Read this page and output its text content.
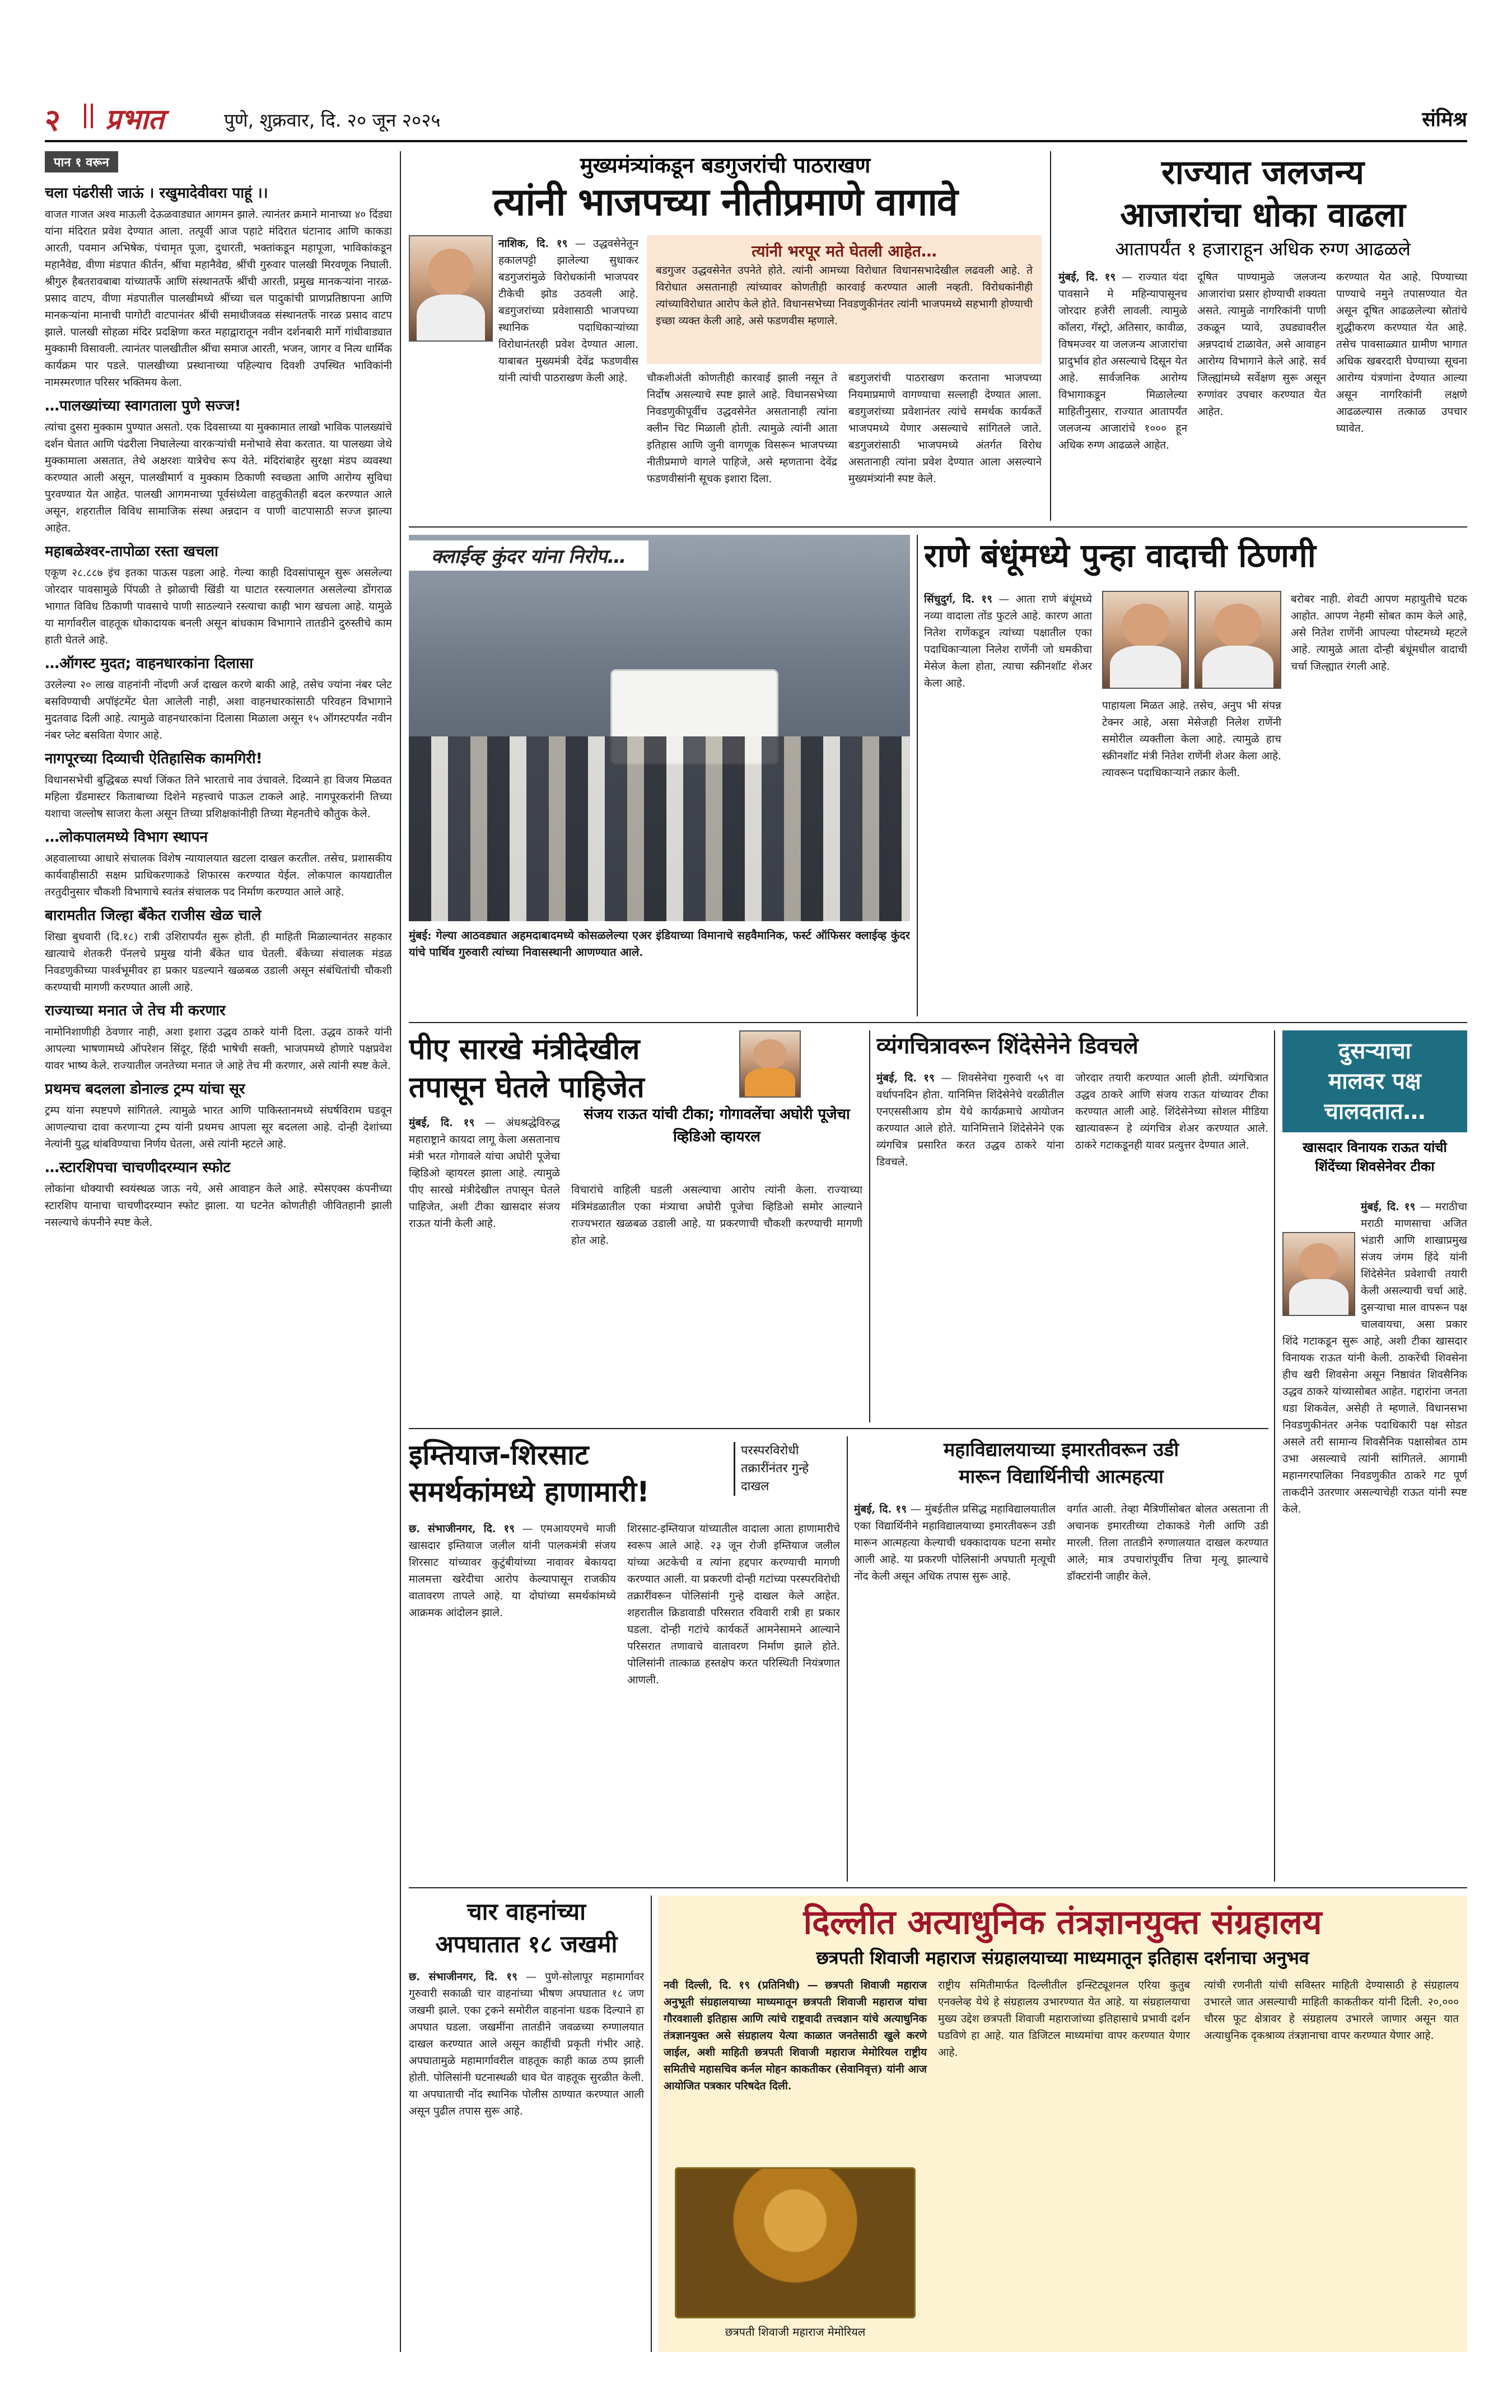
२ प्रभात	पुणे, शुक्रवार, दि. २० जून २०२५	संमिश्र
पान १ वरून
चला पंढरीसी जाऊं । रखुमादेवीवरा पाहूं ।।
वाजत गाजत अश्व माऊली देऊळवाड्यात आगमन झाले. त्यानंतर क्रमाने मानाच्या ४० दिंड्या यांना मंदिरात प्रवेश देण्यात आला. तत्पूर्वी आज पहाटे मंदिरात घंटानाद आणि काकडा आरती, पवमान अभिषेक, पंचामृत पूजा, दुधारती, भक्तांकडून महापूजा, भाविकांकडून महानैवेद्य, वीणा मंडपात कीर्तन, श्रींचा महानैवेद्य, श्रींची गुरुवार पालखी मिरवणूक निघाली. श्रीगुरु हैबतरावबाबा यांच्यातर्फे आणि संस्थानतर्फे श्रींची आरती, प्रमुख मानकऱ्यांना नारळ-प्रसाद वाटप, वीणा मंडपातील पालखीमध्ये श्रींच्या चल पादुकांची प्राणप्रतिष्ठापना आणि मानकऱ्यांना मानाची पागोटी वाटपानंतर श्रींची समाधीजवळ संस्थानतर्फे नारळ प्रसाद वाटप झाले. पालखी सोहळा मंदिर प्रदक्षिणा करत महाद्वारातून नवीन दर्शनबारी मार्गे गांधीवाड्यात मुक्कामी विसावली. त्यानंतर पालखीतील श्रींचा समाज आरती, भजन, जागर व नित्य धार्मिक कार्यक्रम पार पडले. पालखीच्या प्रस्थानाच्या पहिल्याच दिवशी उपस्थित भाविकांनी नामस्मरणात परिसर भक्तिमय केला.
…पालख्यांच्या स्वागताला पुणे सज्ज!
त्यांचा दुसरा मुक्काम पुण्यात असतो. एक दिवसाच्या या मुक्कामात लाखो भाविक पालख्यांचे दर्शन घेतात आणि पंढरीला निघालेल्या वारकऱ्यांची मनोभावे सेवा करतात. या पालख्या जेथे मुक्कामाला असतात, तेथे अक्षरशः यात्रेचेच रूप येते. मंदिरांबाहेर सुरक्षा मंडप व्यवस्था करण्यात आली असून, पालखीमार्ग व मुक्काम ठिकाणी स्वच्छता आणि आरोग्य सुविधा पुरवण्यात येत आहेत. पालखी आगमनाच्या पूर्वसंध्येला वाहतुकीतही बदल करण्यात आले असून, शहरातील विविध सामाजिक संस्था अन्नदान व पाणी वाटपासाठी सज्ज झाल्या आहेत.
महाबळेश्वर-तापोळा रस्ता खचला
एकूण २८.८८७ इंच इतका पाऊस पडला आहे. गेल्या काही दिवसांपासून सुरू असलेल्या जोरदार पावसामुळे पिंपळी ते झोळाची खिंडी या घाटात रस्त्यालगत असलेल्या डोंगराळ भागात विविध ठिकाणी पावसाचे पाणी साठल्याने रस्त्याचा काही भाग खचला आहे. यामुळे या मार्गावरील वाहतूक धोकादायक बनली असून बांधकाम विभागाने तातडीने दुरुस्तीचे काम हाती घेतले आहे.
…ऑगस्ट मुदत; वाहनधारकांना दिलासा
उरलेल्या २० लाख वाहनांनी नोंदणी अर्ज दाखल करणे बाकी आहे, तसेच ज्यांना नंबर प्लेट बसविण्याची अपॉइंटमेंट घेता आलेली नाही, अशा वाहनधारकांसाठी परिवहन विभागाने मुदतवाढ दिली आहे. त्यामुळे वाहनधारकांना दिलासा मिळाला असून १५ ऑगस्टपर्यंत नवीन नंबर प्लेट बसविता येणार आहे.
नागपूरच्या दिव्याची ऐतिहासिक कामगिरी!
विधानसभेची बुद्धिबळ स्पर्धा जिंकत तिने भारताचे नाव उंचावले. दिव्याने हा विजय मिळवत महिला ग्रँडमास्टर किताबाच्या दिशेने महत्त्वाचे पाऊल टाकले आहे. नागपूरकरांनी तिच्या यशाचा जल्लोष साजरा केला असून तिच्या प्रशिक्षकांनीही तिच्या मेहनतीचे कौतुक केले.
…लोकपालमध्ये विभाग स्थापन
अहवालाच्या आधारे संचालक विशेष न्यायालयात खटला दाखल करतील. तसेच, प्रशासकीय कार्यवाहीसाठी सक्षम प्राधिकरणाकडे शिफारस करण्यात येईल. लोकपाल कायद्यातील तरतुदीनुसार चौकशी विभागाचे स्वतंत्र संचालक पद निर्माण करण्यात आले आहे.
बारामतीत जिल्हा बँकेत राजीस खेळ चाले
शिखा बुधवारी (दि.१८) रात्री उशिरापर्यंत सुरू होती. ही माहिती मिळाल्यानंतर सहकार खात्याचे शेतकरी पॅनलचे प्रमुख यांनी बँकेत धाव घेतली. बँकेच्या संचालक मंडळ निवडणुकीच्या पार्श्वभूमीवर हा प्रकार घडल्याने खळबळ उडाली असून संबंधितांची चौकशी करण्याची मागणी करण्यात आली आहे.
राज्याच्या मनात जे तेच मी करणार
नामोनिशाणीही ठेवणार नाही, अशा इशारा उद्धव ठाकरे यांनी दिला. उद्धव ठाकरे यांनी आपल्या भाषणामध्ये ऑपरेशन सिंदूर, हिंदी भाषेची सक्ती, भाजपमध्ये होणारे पक्षप्रवेश यावर भाष्य केले. राज्यातील जनतेच्या मनात जे आहे तेच मी करणार, असे त्यांनी स्पष्ट केले.
प्रथमच बदलला डोनाल्ड ट्रम्प यांचा सूर
ट्रम्प यांना स्पष्टपणे सांगितले. त्यामुळे भारत आणि पाकिस्तानमध्ये संघर्षविराम घडवून आणल्याचा दावा करणाऱ्या ट्रम्प यांनी प्रथमच आपला सूर बदलला आहे. दोन्ही देशांच्या नेत्यांनी युद्ध थांबविण्याचा निर्णय घेतला, असे त्यांनी म्हटले आहे.
…स्टारशिपचा चाचणीदरम्यान स्फोट
लोकांना धोक्याची स्वयंस्थळ जाऊ नये, असे आवाहन केले आहे. स्पेसएक्स कंपनीच्या स्टारशिप यानाचा चाचणीदरम्यान स्फोट झाला. या घटनेत कोणतीही जीवितहानी झाली नसल्याचे कंपनीने स्पष्ट केले.
मुख्यमंत्र्यांकडून बडगुजरांची पाठराखण
त्यांनी भाजपच्या नीतीप्रमाणे वागावे
नाशिक, दि. १९ — उद्धवसेनेतून हकालपट्टी झालेल्या सुधाकर बडगुजरांमुळे विरोधकांनी भाजपवर टीकेची झोड उठवली आहे. बडगुजरांच्या प्रवेशासाठी भाजपच्या स्थानिक पदाधिकाऱ्यांच्या विरोधानंतरही प्रवेश देण्यात आला. याबाबत मुख्यमंत्री देवेंद्र फडणवीस यांनी त्यांची पाठराखण केली आहे.
त्यांनी भरपूर मते घेतली आहेत…
बडगुजर उद्धवसेनेत उपनेते होते. त्यांनी आमच्या विरोधात विधानसभादेखील लढवली आहे. ते विरोधात असतानाही त्यांच्यावर कोणतीही कारवाई करण्यात आली नव्हती. विरोधकांनीही त्यांच्याविरोधात आरोप केले होते. विधानसभेच्या निवडणुकीनंतर त्यांनी भाजपमध्ये सहभागी होण्याची इच्छा व्यक्त केली आहे, असे फडणवीस म्हणाले.
चौकशीअंती कोणतीही कारवाई झाली नसून ते निर्दोष असल्याचे स्पष्ट झाले आहे. विधानसभेच्या निवडणुकीपूर्वीच उद्धवसेनेत असतानाही त्यांना क्लीन चिट मिळाली होती. त्यामुळे त्यांनी आता इतिहास आणि जुनी वागणूक विसरून भाजपच्या नीतीप्रमाणे वागले पाहिजे, असे म्हणताना देवेंद्र फडणवीसांनी सूचक इशारा दिला.
बडगुजरांची पाठराखण करताना भाजपच्या नियमाप्रमाणे वागण्याचा सल्लाही देण्यात आला. बडगुजरांच्या प्रवेशानंतर त्यांचे समर्थक कार्यकर्ते भाजपमध्ये येणार असल्याचे सांगितले जाते. बडगुजरांसाठी भाजपमध्ये अंतर्गत विरोध असतानाही त्यांना प्रवेश देण्यात आला असल्याने मुख्यमंत्र्यांनी स्पष्ट केले.
राज्यात जलजन्य
आजारांचा धोका वाढला
आतापर्यंत १ हजाराहून अधिक रुग्ण आढळले
मुंबई, दि. १९ — राज्यात यंदा पावसाने मे महिन्यापासूनच जोरदार हजेरी लावली. त्यामुळे कॉलरा, गॅस्ट्रो, अतिसार, कावीळ, विषमज्वर या जलजन्य आजारांचा प्रादुर्भाव होत असल्याचे दिसून येत आहे. सार्वजनिक आरोग्य विभागाकडून मिळालेल्या माहितीनुसार, राज्यात आतापर्यंत जलजन्य आजारांचे १००० हून अधिक रुग्ण आढळले आहेत.
दूषित पाण्यामुळे जलजन्य आजारांचा प्रसार होण्याची शक्यता असते. त्यामुळे नागरिकांनी पाणी उकळून प्यावे, उघड्यावरील अन्नपदार्थ टाळावेत, असे आवाहन आरोग्य विभागाने केले आहे. सर्व जिल्ह्यांमध्ये सर्वेक्षण सुरू असून रुग्णांवर उपचार करण्यात येत आहेत.
करण्यात येत आहे. पिण्याच्या पाण्याचे नमुने तपासण्यात येत असून दूषित आढळलेल्या स्रोतांचे शुद्धीकरण करण्यात येत आहे. तसेच पावसाळ्यात ग्रामीण भागात अधिक खबरदारी घेण्याच्या सूचना आरोग्य यंत्रणांना देण्यात आल्या असून नागरिकांनी लक्षणे आढळल्यास तत्काळ उपचार घ्यावेत.
क्लाईव्ह कुंदर यांना निरोप…
मुंबई: गेल्या आठवड्यात अहमदाबादमध्ये कोसळलेल्या एअर इंडियाच्या विमानाचे सहवैमानिक, फर्स्ट ऑफिसर क्लाईव्ह कुंदर यांचे पार्थिव गुरुवारी त्यांच्या निवासस्थानी आणण्यात आले.
राणे बंधूंमध्ये पुन्हा वादाची ठिणगी
सिंधुदुर्ग, दि. १९ — आता राणे बंधूंमध्ये नव्या वादाला तोंड फुटले आहे. कारण आता नितेश राणेंकडून त्यांच्या पक्षातील एका पदाधिकाऱ्याला निलेश राणेंनी जो धमकीचा मेसेज केला होता, त्याचा स्क्रीनशॉट शेअर केला आहे.
पाहायला मिळत आहे. तसेच, अनुप भी संपन्न टेक्नर आहे, असा मेसेजही निलेश राणेंनी समोरील व्यक्तीला केला आहे. त्यामुळे हाच स्क्रीनशॉट मंत्री नितेश राणेंनी शेअर केला आहे. त्यावरून पदाधिकाऱ्याने तक्रार केली.
बरोबर नाही. शेवटी आपण महायुतीचे घटक आहोत. आपण नेहमी सोबत काम केले आहे, असे नितेश राणेंनी आपल्या पोस्टमध्ये म्हटले आहे. त्यामुळे आता दोन्ही बंधूंमधील वादाची चर्चा जिल्ह्यात रंगली आहे.
पीए सारखे मंत्रीदेखील
तपासून घेतले पाहिजेत
मुंबई, दि. १९ — अंधश्रद्धेविरुद्ध महाराष्ट्राने कायदा लागू केला असतानाच मंत्री भरत गोगावले यांचा अघोरी पूजेचा व्हिडिओ व्हायरल झाला आहे. त्यामुळे पीए सारखे मंत्रीदेखील तपासून घेतले पाहिजेत, अशी टीका खासदार संजय राऊत यांनी केली आहे.
संजय राऊत यांची टीका; गोगावलेंचा अघोरी पूजेचा व्हिडिओ व्हायरल
विचारांचे वाहिली घडली असल्याचा आरोप त्यांनी केला. राज्याच्या मंत्रिमंडळातील एका मंत्र्याचा अघोरी पूजेचा व्हिडिओ समोर आल्याने राज्यभरात खळबळ उडाली आहे. या प्रकरणाची चौकशी करण्याची मागणी होत आहे.
व्यंगचित्रावरून शिंदेसेनेने डिवचले
मुंबई, दि. १९ — शिवसेनेचा गुरुवारी ५९ वा वर्धापनदिन होता. यानिमित्त शिंदेसेनेचे वरळीतील एनएससीआय डोम येथे कार्यक्रमाचे आयोजन करण्यात आले होते. यानिमित्ताने शिंदेसेनेने एक व्यंगचित्र प्रसारित करत उद्धव ठाकरे यांना डिवचले.
जोरदार तयारी करण्यात आली होती. व्यंगचित्रात उद्धव ठाकरे आणि संजय राऊत यांच्यावर टीका करण्यात आली आहे. शिंदेसेनेच्या सोशल मीडिया खात्यावरून हे व्यंगचित्र शेअर करण्यात आले. ठाकरे गटाकडूनही यावर प्रत्युत्तर देण्यात आले.
दुसऱ्याचा
मालवर पक्ष
चालवतात…
खासदार विनायक राऊत यांची शिंदेंच्या शिवसेनेवर टीका
मुंबई, दि. १९ — मराठीचा मराठी माणसाचा अजित भंडारी आणि शाखाप्रमुख संजय जंगम हिंदे यांनी शिंदेसेनेत प्रवेशाची तयारी केली असल्याची चर्चा आहे. दुसऱ्याचा माल वापरून पक्ष चालवायचा, असा प्रकार शिंदे गटाकडून सुरू आहे, अशी टीका खासदार विनायक राऊत यांनी केली. ठाकरेंची शिवसेना हीच खरी शिवसेना असून निष्ठावंत शिवसैनिक उद्धव ठाकरे यांच्यासोबत आहेत. गद्दारांना जनता धडा शिकवेल, असेही ते म्हणाले. विधानसभा निवडणुकीनंतर अनेक पदाधिकारी पक्ष सोडत असले तरी सामान्य शिवसैनिक पक्षासोबत ठाम उभा असल्याचे त्यांनी सांगितले. आगामी महानगरपालिका निवडणुकीत ठाकरे गट पूर्ण ताकदीने उतरणार असल्याचेही राऊत यांनी स्पष्ट केले.
इम्तियाज-शिरसाट
समर्थकांमध्ये हाणामारी!
परस्परविरोधी तक्रारींनंतर गुन्हे दाखल
छ. संभाजीनगर, दि. १९ — एमआयएमचे माजी खासदार इम्तियाज जलील यांनी पालकमंत्री संजय शिरसाट यांच्यावर कुटुंबीयांच्या नावावर बेकायदा मालमत्ता खरेदीचा आरोप केल्यापासून राजकीय वातावरण तापले आहे. या दोघांच्या समर्थकांमध्ये आक्रमक आंदोलन झाले.
शिरसाट-इम्तियाज यांच्यातील वादाला आता हाणामारीचे स्वरूप आले आहे. २३ जून रोजी इम्तियाज जलील यांच्या अटकेची व त्यांना हद्दपार करण्याची मागणी करण्यात आली. या प्रकरणी दोन्ही गटांच्या परस्परविरोधी तक्रारींवरून पोलिसांनी गुन्हे दाखल केले आहेत. शहरातील क्रिडावाडी परिसरात रविवारी रात्री हा प्रकार घडला. दोन्ही गटांचे कार्यकर्ते आमनेसामने आल्याने परिसरात तणावाचे वातावरण निर्माण झाले होते. पोलिसांनी तात्काळ हस्तक्षेप करत परिस्थिती नियंत्रणात आणली.
महाविद्यालयाच्या इमारतीवरून उडी
मारून विद्यार्थिनीची आत्महत्या
मुंबई, दि. १९ — मुंबईतील प्रसिद्ध महाविद्यालयातील एका विद्यार्थिनीने महाविद्यालयाच्या इमारतीवरून उडी मारून आत्महत्या केल्याची धक्कादायक घटना समोर आली आहे. या प्रकरणी पोलिसांनी अपघाती मृत्यूची नोंद केली असून अधिक तपास सुरू आहे.
वर्गात आली. तेव्हा मैत्रिणींसोबत बोलत असताना ती अचानक इमारतीच्या टोकाकडे गेली आणि उडी मारली. तिला तातडीने रुग्णालयात दाखल करण्यात आले; मात्र उपचारांपूर्वीच तिचा मृत्यू झाल्याचे डॉक्टरांनी जाहीर केले.
चार वाहनांच्या
अपघातात १८ जखमी
छ. संभाजीनगर, दि. १९ — पुणे-सोलापूर महामार्गावर गुरुवारी सकाळी चार वाहनांच्या भीषण अपघातात १८ जण जखमी झाले. एका ट्रकने समोरील वाहनांना धडक दिल्याने हा अपघात घडला. जखमींना तातडीने जवळच्या रुग्णालयात दाखल करण्यात आले असून काहींची प्रकृती गंभीर आहे. अपघातामुळे महामार्गावरील वाहतूक काही काळ ठप्प झाली होती. पोलिसांनी घटनास्थळी धाव घेत वाहतूक सुरळीत केली. या अपघाताची नोंद स्थानिक पोलीस ठाण्यात करण्यात आली असून पुढील तपास सुरू आहे.
दिल्लीत अत्याधुनिक तंत्रज्ञानयुक्त संग्रहालय
छत्रपती शिवाजी महाराज संग्रहालयाच्या माध्यमातून इतिहास दर्शनाचा अनुभव
नवी दिल्ली, दि. १९ (प्रतिनिधी) — छत्रपती शिवाजी महाराज अनुभूती संग्रहालयाच्या माध्यमातून छत्रपती शिवाजी महाराज यांचा गौरवशाली इतिहास आणि त्यांचे राष्ट्रवादी तत्त्वज्ञान यांचे अत्याधुनिक तंत्रज्ञानयुक्त असे संग्रहालय येत्या काळात जनतेसाठी खुले करणे जाईल, अशी माहिती छत्रपती शिवाजी महाराज मेमोरियल राष्ट्रीय समितीचे महासचिव कर्नल मोहन काकतीकर (सेवानिवृत्त) यांनी आज आयोजित पत्रकार परिषदेत दिली.
छत्रपती शिवाजी महाराज मेमोरियल
राष्ट्रीय समितीमार्फत दिल्लीतील इन्स्टिट्यूशनल एरिया कुतुब एनक्लेव्ह येथे हे संग्रहालय उभारण्यात येत आहे. या संग्रहालयाचा मुख्य उद्देश छत्रपती शिवाजी महाराजांच्या इतिहासाचे प्रभावी दर्शन घडविणे हा आहे. यात डिजिटल माध्यमांचा वापर करण्यात येणार आहे.
त्यांची रणनीती यांची सविस्तर माहिती देण्यासाठी हे संग्रहालय उभारले जात असल्याची माहिती काकतीकर यांनी दिली. २०,००० चौरस फूट क्षेत्रावर हे संग्रहालय उभारले जाणार असून यात अत्याधुनिक दृकश्राव्य तंत्रज्ञानाचा वापर करण्यात येणार आहे.
